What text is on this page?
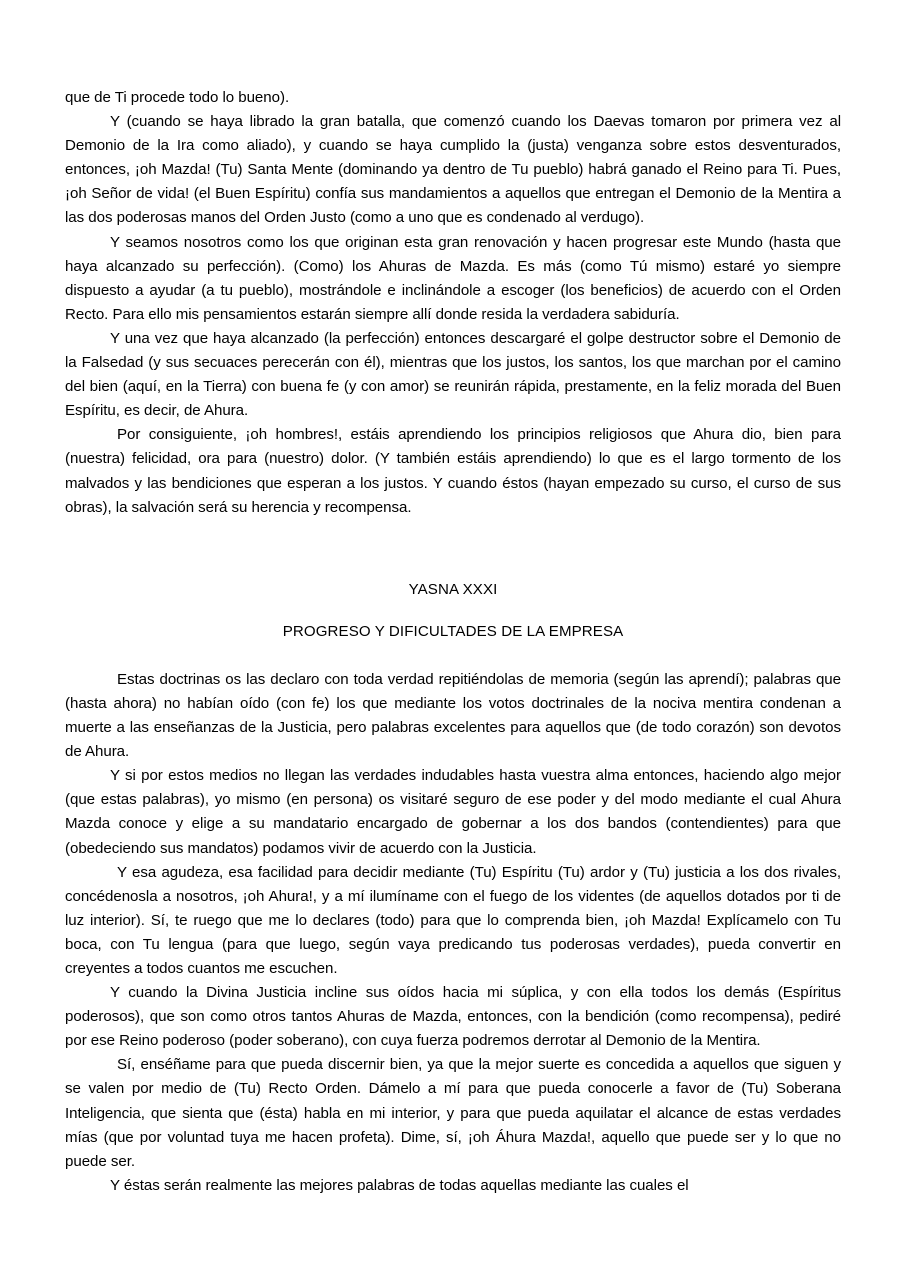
que de Ti procede todo lo bueno).

Y (cuando se haya librado la gran batalla, que comenzó cuando los Daevas tomaron por primera vez al Demonio de la Ira como aliado), y cuando se haya cumplido la (justa) venganza sobre estos desventurados, entonces, ¡oh Mazda! (Tu) Santa Mente (dominando ya dentro de Tu pueblo) habrá ganado el Reino para Ti. Pues, ¡oh Señor de vida! (el Buen Espíritu) confía sus mandamientos a aquellos que entregan el Demonio de la Mentira a las dos poderosas manos del Orden Justo (como a uno que es condenado al verdugo).

Y seamos nosotros como los que originan esta gran renovación y hacen progresar este Mundo (hasta que haya alcanzado su perfección). (Como) los Ahuras de Mazda. Es más (como Tú mismo) estaré yo siempre dispuesto a ayudar (a tu pueblo), mostrándole e inclinándole a escoger (los beneficios) de acuerdo con el Orden Recto. Para ello mis pensamientos estarán siempre allí donde resida la verdadera sabiduría.

Y una vez que haya alcanzado (la perfección) entonces descargaré el golpe destructor sobre el Demonio de la Falsedad (y sus secuaces perecerán con él), mientras que los justos, los santos, los que marchan por el camino del bien (aquí, en la Tierra) con buena fe (y con amor) se reunirán rápida, prestamente, en la feliz morada del Buen Espíritu, es decir, de Ahura.

Por consiguiente, ¡oh hombres!, estáis aprendiendo los principios religiosos que Ahura dio, bien para (nuestra) felicidad, ora para (nuestro) dolor. (Y también estáis aprendiendo) lo que es el largo tormento de los malvados y las bendiciones que esperan a los justos. Y cuando éstos (hayan empezado su curso, el curso de sus obras), la salvación será su herencia y recompensa.

YASNA XXXI
PROGRESO Y DIFICULTADES DE LA EMPRESA

Estas doctrinas os las declaro con toda verdad repitiéndolas de memoria (según las aprendí); palabras que (hasta ahora) no habían oído (con fe) los que mediante los votos doctrinales de la nociva mentira condenan a muerte a las enseñanzas de la Justicia, pero palabras excelentes para aquellos que (de todo corazón) son devotos de Ahura.

Y si por estos medios no llegan las verdades indudables hasta vuestra alma entonces, haciendo algo mejor (que estas palabras), yo mismo (en persona) os visitaré seguro de ese poder y del modo mediante el cual Ahura Mazda conoce y elige a su mandatario encargado de gobernar a los dos bandos (contendientes) para que (obedeciendo sus mandatos) podamos vivir de acuerdo con la Justicia.

Y esa agudeza, esa facilidad para decidir mediante (Tu) Espíritu (Tu) ardor y (Tu) justicia a los dos rivales, concédenosla a nosotros, ¡oh Ahura!, y a mí ilumíname con el fuego de los videntes (de aquellos dotados por ti de luz interior). Sí, te ruego que me lo declares (todo) para que lo comprenda bien, ¡oh Mazda! Explícamelo con Tu boca, con Tu lengua (para que luego, según vaya predicando tus poderosas verdades), pueda convertir en creyentes a todos cuantos me escuchen.

Y cuando la Divina Justicia incline sus oídos hacia mi súplica, y con ella todos los demás (Espíritus poderosos), que son como otros tantos Ahuras de Mazda, entonces, con la bendición (como recompensa), pediré por ese Reino poderoso (poder soberano), con cuya fuerza podremos derrotar al Demonio de la Mentira.

Sí, enséñame para que pueda discernir bien, ya que la mejor suerte es concedida a aquellos que siguen y se valen por medio de (Tu) Recto Orden. Dámelo a mí para que pueda conocerle a favor de (Tu) Soberana Inteligencia, que sienta que (ésta) habla en mi interior, y para que pueda aquilatar el alcance de estas verdades mías (que por voluntad tuya me hacen profeta). Dime, sí, ¡oh Áhura Mazda!, aquello que puede ser y lo que no puede ser.

Y éstas serán realmente las mejores palabras de todas aquellas mediante las cuales el
